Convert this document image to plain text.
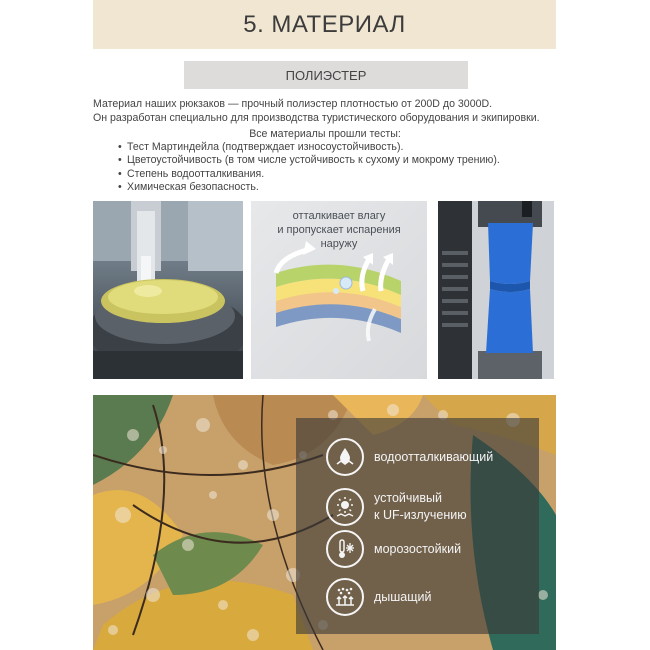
5. МАТЕРИАЛ
ПОЛИЭСТЕР

Материал наших рюкзаков — прочный полиэстер плотностью от 200D до 3000D.

Он разработан специально для производства туристического оборудования и экипировки.

Все материалы прошли тесты:
• Тест Мартиндейла (подтверждает износоустойчивость).
• Цветоустойчивость (в том числе устойчивость к сухому и мокрому трению).
• Степень водоотталкивания.
• Химическая безопасность.
отталкивает влагу
и пропускает испарения
наружу
водоотталкивающий
устойчивый
к UF-излучению
морозостойкий
дышащий
